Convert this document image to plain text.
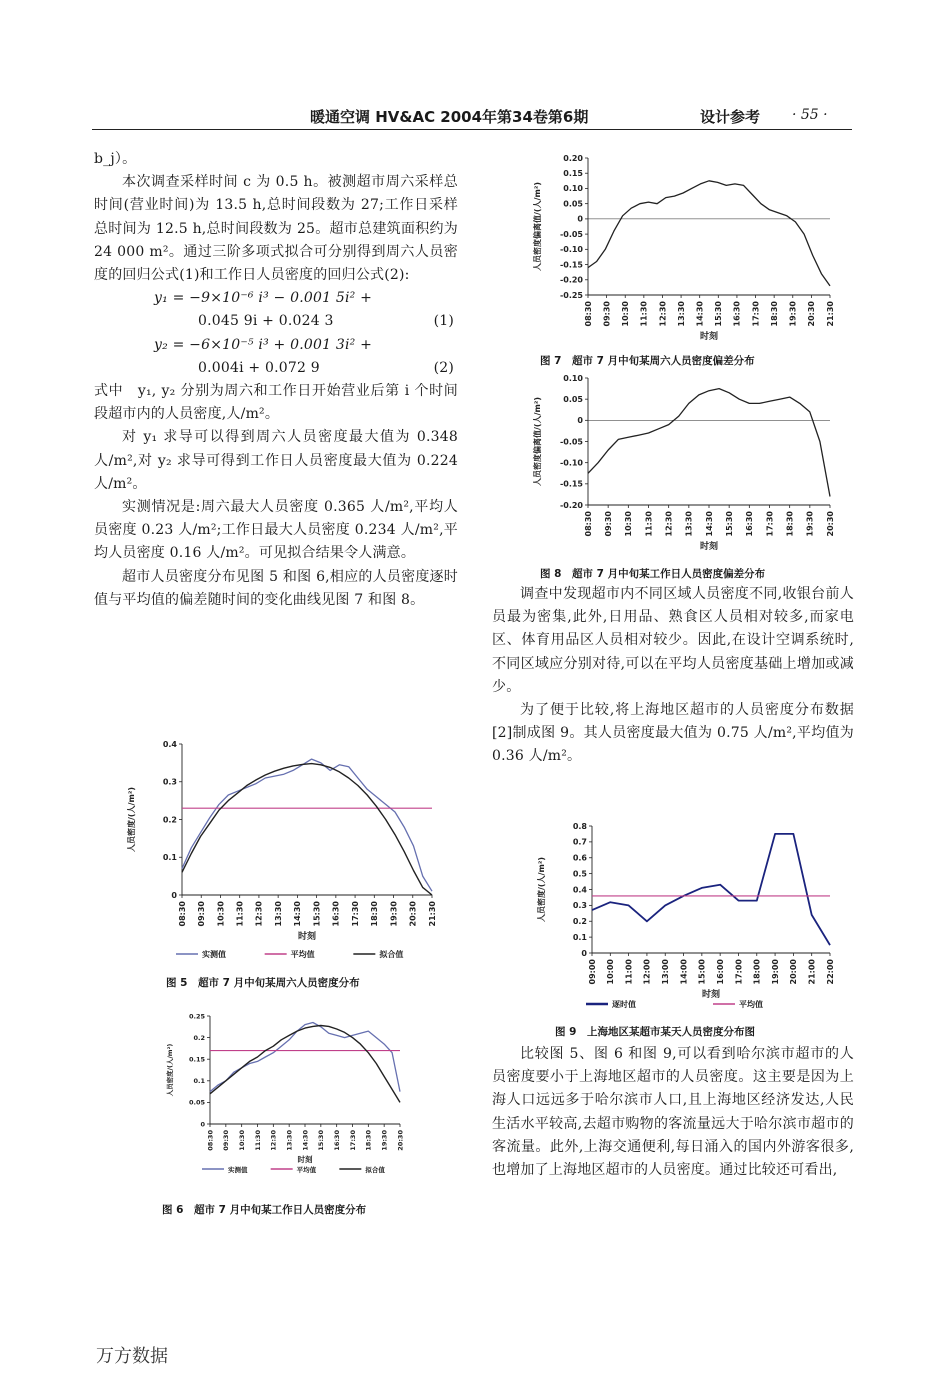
暖通空调 HV&AC 2004年第34卷第6期	设计参考 · 55 ·

b_j）。

本次调查采样时间 c 为 0.5 h。被测超市周六采样总时间(营业时间)为 13.5 h,总时间段数为 27;工作日采样总时间为 12.5 h,总时间段数为 25。超市总建筑面积约为 24 000 m²。通过三阶多项式拟合可分别得到周六人员密度的回归公式(1)和工作日人员密度的回归公式(2):

y₁ = −9×10⁻⁶ i³ − 0.001 5i² +
0.045 9i + 0.024 3	(1)
y₂ = −6×10⁻⁵ i³ + 0.001 3i² +
0.004i + 0.072 9	(2)

式中　y₁, y₂ 分别为周六和工作日开始营业后第 i 个时间段超市内的人员密度,人/m²。

对 y₁ 求导可以得到周六人员密度最大值为 0.348 人/m²,对 y₂ 求导可得到工作日人员密度最大值为 0.224 人/m²。

实测情况是:周六最大人员密度 0.365 人/m²,平均人员密度 0.23 人/m²;工作日最大人员密度 0.234 人/m²,平均人员密度 0.16 人/m²。可见拟合结果令人满意。

超市人员密度分布见图 5 和图 6,相应的人员密度逐时值与平均值的偏差随时间的变化曲线见图 7 和图 8。	调查中发现超市内不同区域人员密度不同,收银台前人员最为密集,此外,日用品、熟食区人员相对较多,而家电区、体育用品区人员相对较少。因此,在设计空调系统时,不同区域应分别对待,可以在平均人员密度基础上增加或减少。

为了便于比较,将上海地区超市的人员密度分布数据[2]制成图 9。其人员密度最大值为 0.75 人/m²,平均值为 0.36 人/m²。

比较图 5、图 6 和图 9,可以看到哈尔滨市超市的人员密度要小于上海地区超市的人员密度。这主要是因为上海人口远远多于哈尔滨市人口,且上海地区经济发达,人民生活水平较高,去超市购物的客流量远大于哈尔滨市超市的客流量。此外,上海交通便利,每日涌入的国内外游客很多,也增加了上海地区超市的人员密度。通过比较还可看出,

0
0.1
0.2
0.3
0.4
08:30 09:30 10:30 11:30 12:30 13:30 14:30 15:30 16:30 17:30 18:30 19:30 20:30 21:30
人员密度/(人/m²)
时刻
实测值	平均值	拟合值
图 5　超市 7 月中旬某周六人员密度分布
0
0.05
0.1
0.15
0.2
0.25
08:30 09:30 10:30 11:30 12:30 13:30 14:30 15:30 16:30 17:30 18:30 19:30 20:30
人员密度/(人/m²)
时刻
实测值	平均值	拟合值
图 6　超市 7 月中旬某工作日人员密度分布
-0.25
-0.20
-0.15
-0.10
-0.05
0
0.05
0.10
0.15
0.20
08:30 09:30 10:30 11:30 12:30 13:30 14:30 15:30 16:30 17:30 18:30 19:30 20:30 21:30
人员密度偏离值/(人/m²)
时刻
图 7　超市 7 月中旬某周六人员密度偏差分布
-0.20
-0.15
-0.10
-0.05
0
0.05
0.10
08:30 09:30 10:30 11:30 12:30 13:30 14:30 15:30 16:30 17:30 18:30 19:30 20:30
人员密度偏离值/(人/m²)
时刻
图 8　超市 7 月中旬某工作日人员密度偏差分布
0
0.1
0.2
0.3
0.4
0.5
0.6
0.7
0.8
09:00 10:00 11:00 12:00 13:00 14:00 15:00 16:00 17:00 18:00 19:00 20:00 21:00 22:00
人员密度/(人/m²)
时刻
逐时值	平均值
图 9　上海地区某超市某天人员密度分布图
万方数据
